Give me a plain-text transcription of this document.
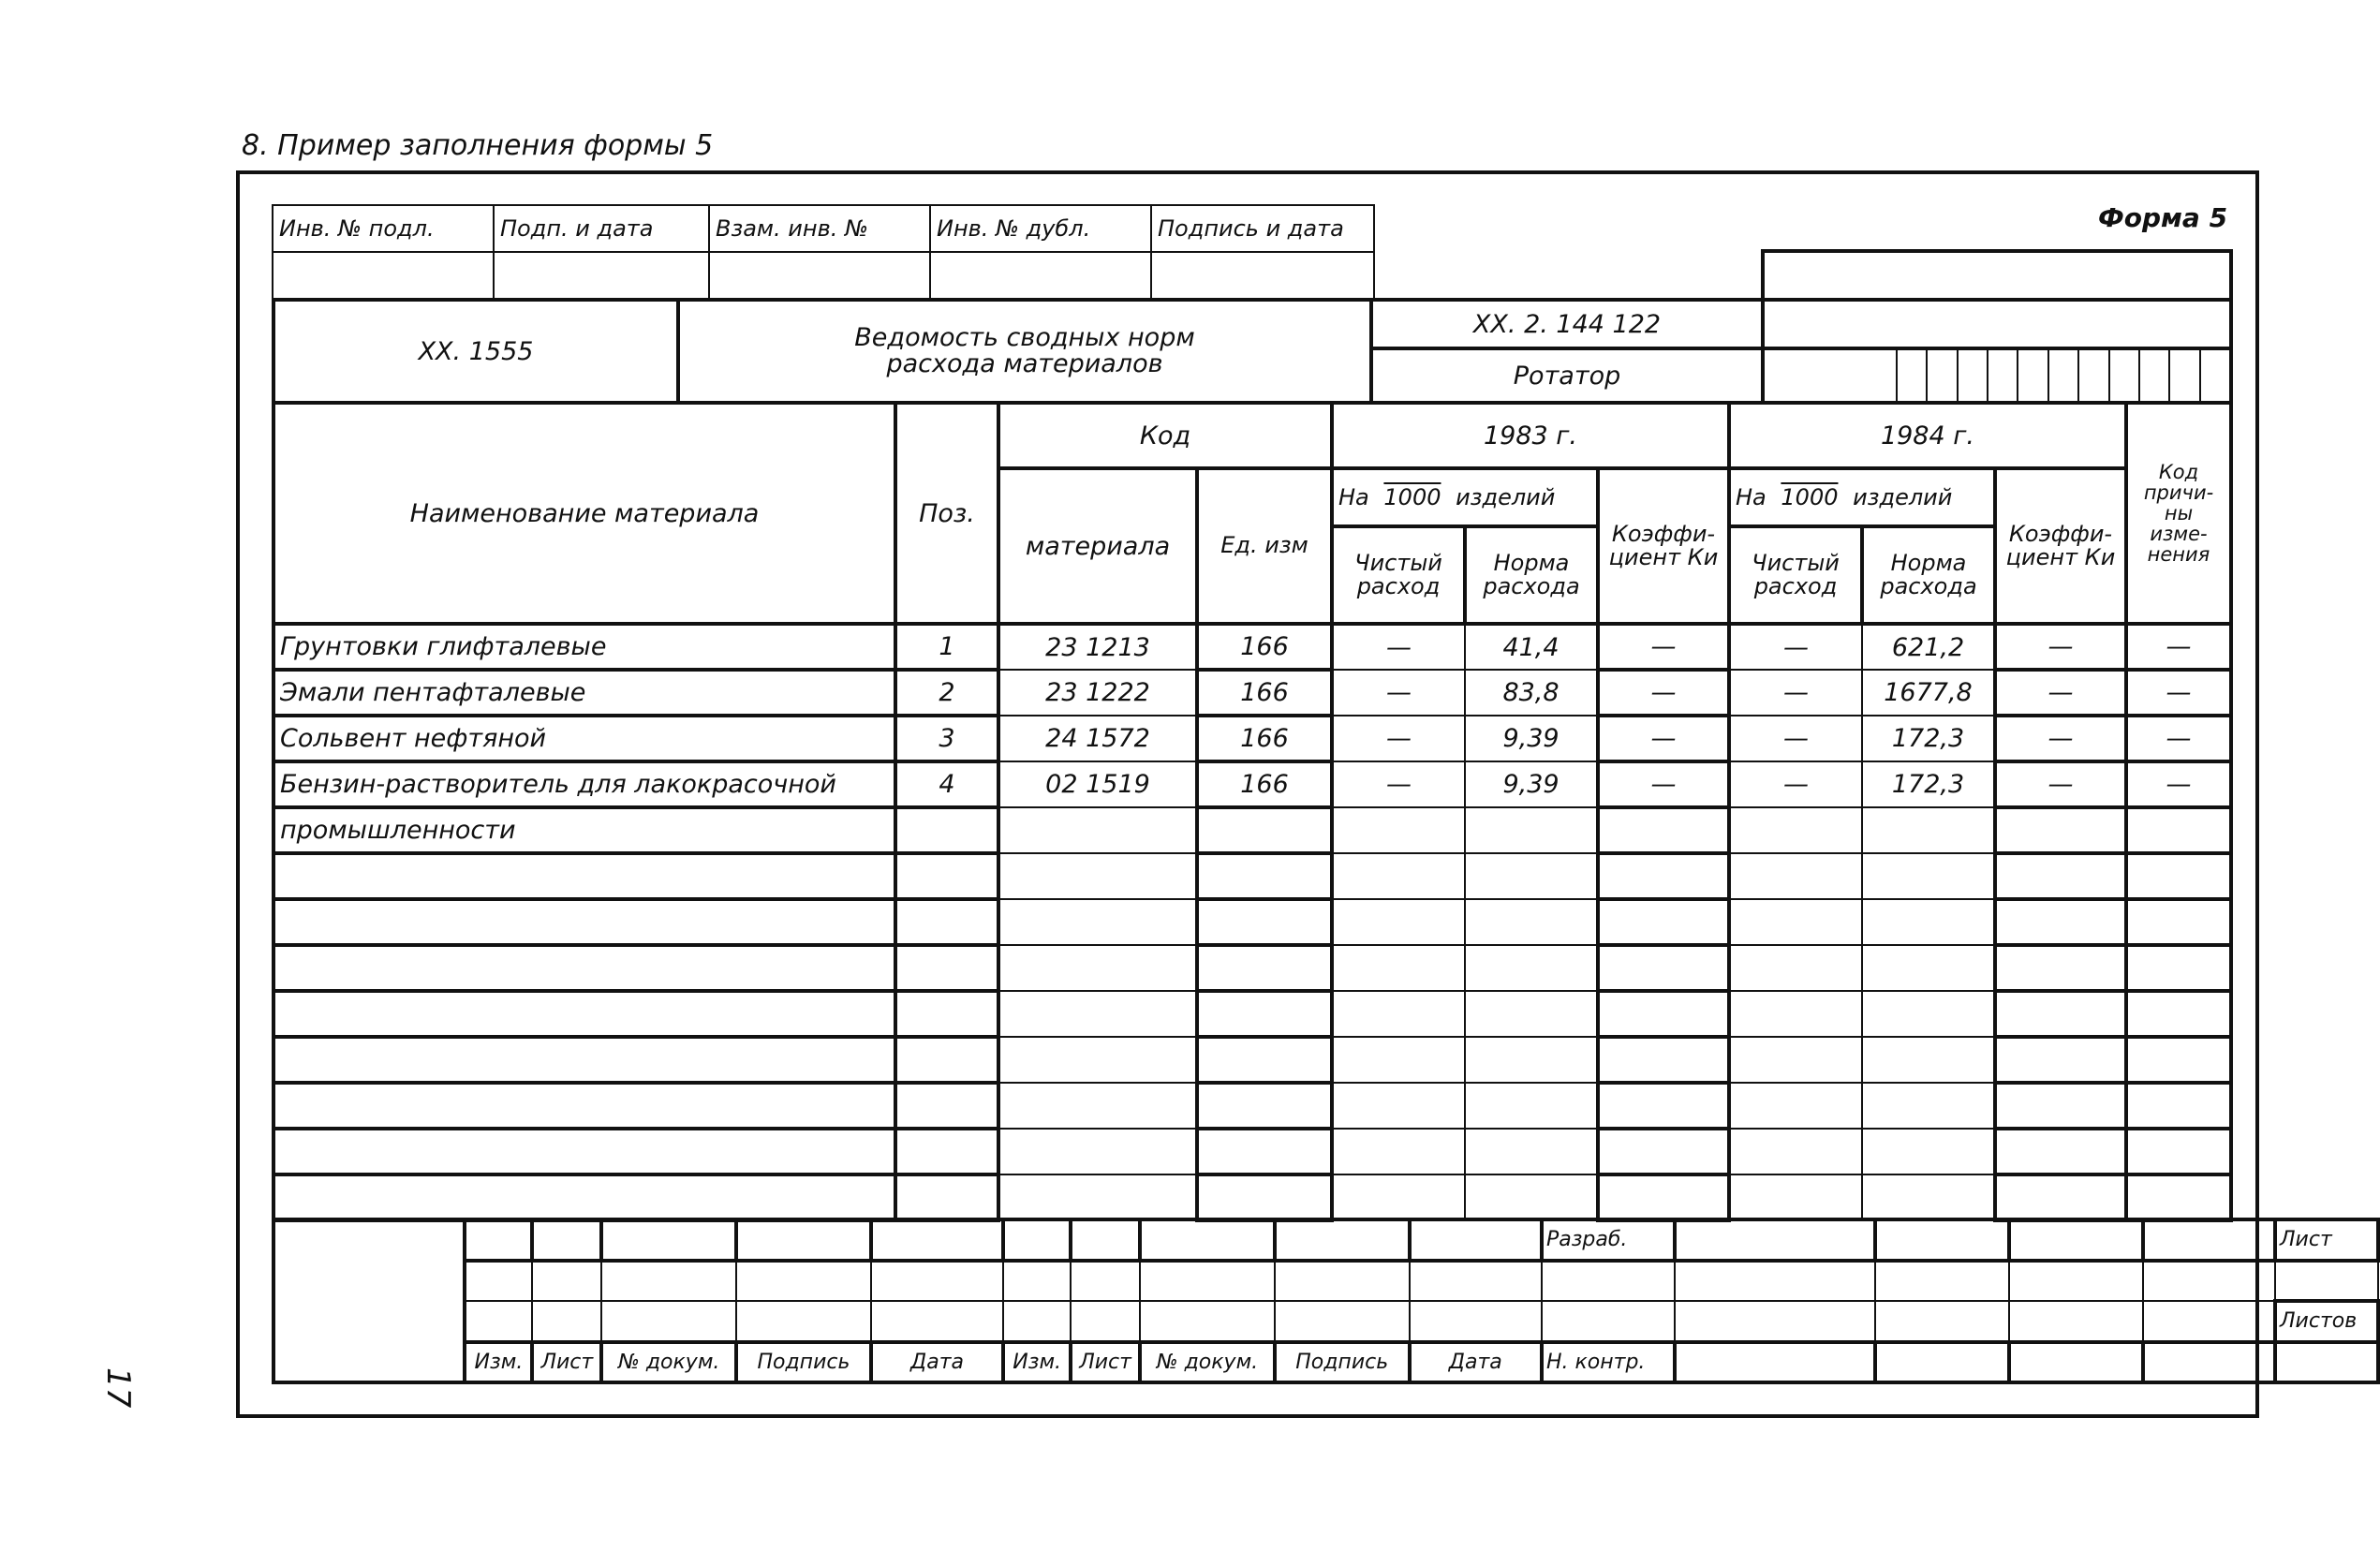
8. Пример заполнения формы 5
17
Форма 5
Инв. № подл.	Подп. и дата	Взам. инв. №	Инв. № дубл.	Подпись и дата

XX. 1555	Ведомость сводных норм
расхода материалов	XX. 2. 144 122	
		Ротатор	
Наименование материала	Поз.	Код		1983 г.			1984 г.			Код причи- ны изме- нения
		материала	Ед. изм	На 1000 изделий		Коэффи- циент Ки	На 1000 изделий		Коэффи- циент Ки	
				Чистый расход	Норма расхода		Чистый расход	Норма расхода		
Грунтовки глифталевые	1	23 1213	166	—	41,4	—	—	621,2	—	—
Эмали пентафталевые	2	23 1222	166	—	83,8	—	—	1677,8	—	—
Сольвент нефтяной	3	24 1572	166	—	9,39	—	—	172,3	—	—
Бензин-растворитель для лакокрасочной	4	02 1519	166	—	9,39	—	—	172,3	—	—
промышленности										

											Разраб.					Лист

																Листов
	Изм.	Лист	№ докум.	Подпись	Дата	Изм.	Лист	№ докум.	Подпись	Дата	Н. контр.					
